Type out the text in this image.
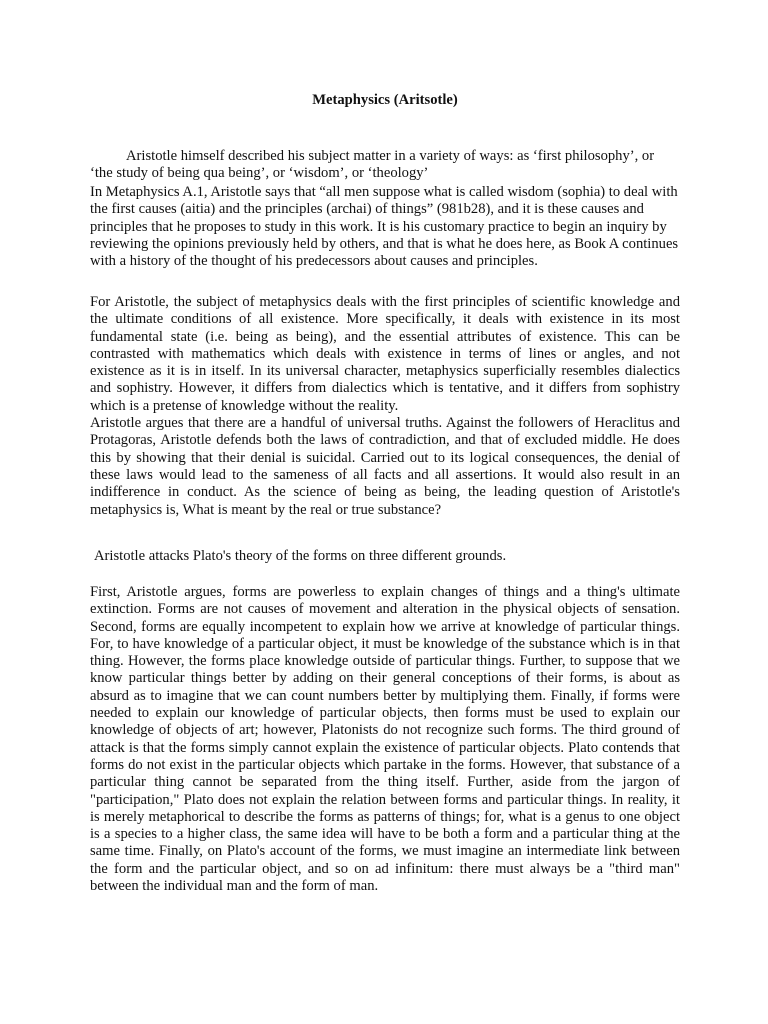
Metaphysics (Aritsotle)

Aristotle himself described his subject matter in a variety of ways: as ‘first philosophy’, or ‘the study of being qua being’, or ‘wisdom’, or ‘theology’

In Metaphysics A.1, Aristotle says that “all men suppose what is called wisdom (sophia) to deal with the first causes (aitia) and the principles (archai) of things” (981b28), and it is these causes and principles that he proposes to study in this work. It is his customary practice to begin an inquiry by reviewing the opinions previously held by others, and that is what he does here, as Book A continues with a history of the thought of his predecessors about causes and principles.

For Aristotle, the subject of metaphysics deals with the first principles of scientific knowledge and the ultimate conditions of all existence. More specifically, it deals with existence in its most fundamental state (i.e. being as being), and the essential attributes of existence. This can be contrasted with mathematics which deals with existence in terms of lines or angles, and not existence as it is in itself. In its universal character, metaphysics superficially resembles dialectics and sophistry. However, it differs from dialectics which is tentative, and it differs from sophistry which is a pretense of knowledge without the reality.
Aristotle argues that there are a handful of universal truths. Against the followers of Heraclitus and Protagoras, Aristotle defends both the laws of contradiction, and that of excluded middle. He does this by showing that their denial is suicidal. Carried out to its logical consequences, the denial of these laws would lead to the sameness of all facts and all assertions. It would also result in an indifference in conduct. As the science of being as being, the leading question of Aristotle's metaphysics is, What is meant by the real or true substance?

Aristotle attacks Plato's theory of the forms on three different grounds.

First, Aristotle argues, forms are powerless to explain changes of things and a thing's ultimate extinction. Forms are not causes of movement and alteration in the physical objects of sensation. Second, forms are equally incompetent to explain how we arrive at knowledge of particular things. For, to have knowledge of a particular object, it must be knowledge of the substance which is in that thing. However, the forms place knowledge outside of particular things. Further, to suppose that we know particular things better by adding on their general conceptions of their forms, is about as absurd as to imagine that we can count numbers better by multiplying them. Finally, if forms were needed to explain our knowledge of particular objects, then forms must be used to explain our knowledge of objects of art; however, Platonists do not recognize such forms. The third ground of attack is that the forms simply cannot explain the existence of particular objects. Plato contends that forms do not exist in the particular objects which partake in the forms. However, that substance of a particular thing cannot be separated from the thing itself. Further, aside from the jargon of "participation," Plato does not explain the relation between forms and particular things. In reality, it is merely metaphorical to describe the forms as patterns of things; for, what is a genus to one object is a species to a higher class, the same idea will have to be both a form and a particular thing at the same time. Finally, on Plato's account of the forms, we must imagine an intermediate link between the form and the particular object, and so on ad infinitum: there must always be a "third man" between the individual man and the form of man.
